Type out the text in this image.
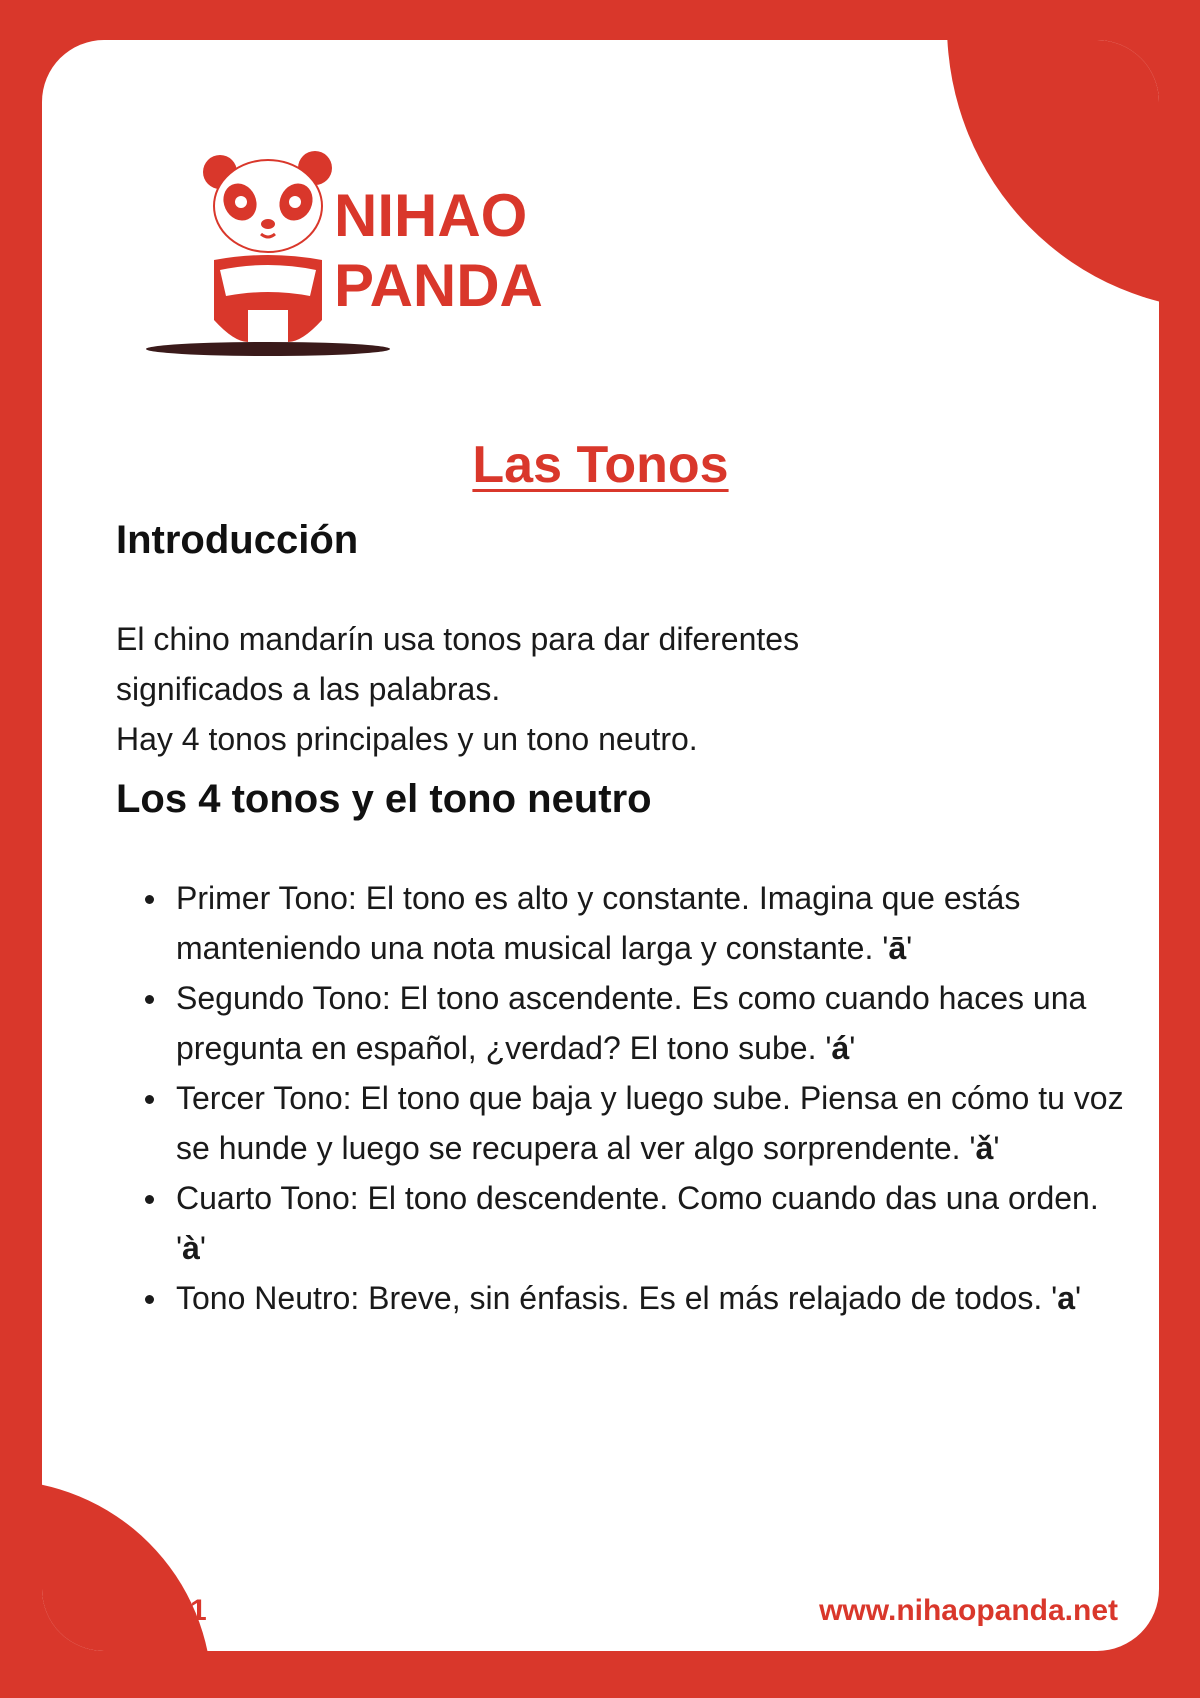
NIHAO
PANDA
Las Tonos
Introducción

El chino mandarín usa tonos para dar diferentes
significados a las palabras.
Hay 4 tonos principales y un tono neutro.

Los 4 tonos y el tono neutro
Primer Tono: El tono es alto y constante. Imagina que estás manteniendo una nota musical larga y constante. 'ā'
Segundo Tono: El tono ascendente. Es como cuando haces una pregunta en español, ¿verdad? El tono sube. 'á'
Tercer Tono: El tono que baja y luego sube. Piensa en cómo tu voz se hunde y luego se recupera al ver algo sorprendente. 'ǎ'
Cuarto Tono: El tono descendente. Como cuando das una orden. 'à'
Tono Neutro: Breve, sin énfasis. Es el más relajado de todos. 'a'
1	www.nihaopanda.net
